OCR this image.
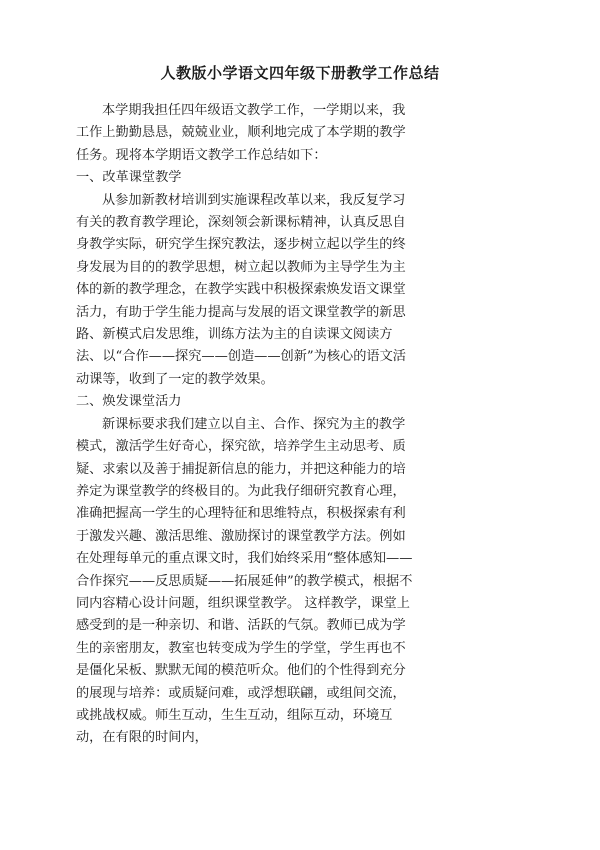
人教版小学语文四年级下册教学工作总结

本学期我担任四年级语文教学工作，一学期以来，我工作上勤勤恳恳，兢兢业业，顺利地完成了本学期的教学任务。现将本学期语文教学工作总结如下：

一、改革课堂教学

从参加新教材培训到实施课程改革以来，我反复学习有关的教育教学理论，深刻领会新课标精神，认真反思自身教学实际，研究学生探究教法，逐步树立起以学生的终身发展为目的的教学思想，树立起以教师为主导学生为主体的新的教学理念，在教学实践中积极探索焕发语文课堂活力，有助于学生能力提高与发展的语文课堂教学的新思路、新模式启发思维，训练方法为主的自读课文阅读方法、以“合作——探究——创造——创新”为核心的语文活动课等，收到了一定的教学效果。

二、焕发课堂活力

新课标要求我们建立以自主、合作、探究为主的教学模式，激活学生好奇心，探究欲，培养学生主动思考、质疑、求索以及善于捕捉新信息的能力，并把这种能力的培养定为课堂教学的终极目的。为此我仔细研究教育心理，准确把握高一学生的心理特征和思维特点，积极探索有利于激发兴趣、激活思维、激励探讨的课堂教学方法。例如在处理每单元的重点课文时，我们始终采用“整体感知——合作探究——反思质疑——拓展延伸”的教学模式，根据不同内容精心设计问题，组织课堂教学。 这样教学，课堂上感受到的是一种亲切、和谐、活跃的气氛。教师已成为学生的亲密朋友，教室也转变成为学生的学堂，学生再也不是僵化呆板、默默无闻的模范听众。他们的个性得到充分的展现与培养：或质疑问难，或浮想联翩，或组间交流，或挑战权威。师生互动，生生互动，组际互动，环境互动，在有限的时间内，
